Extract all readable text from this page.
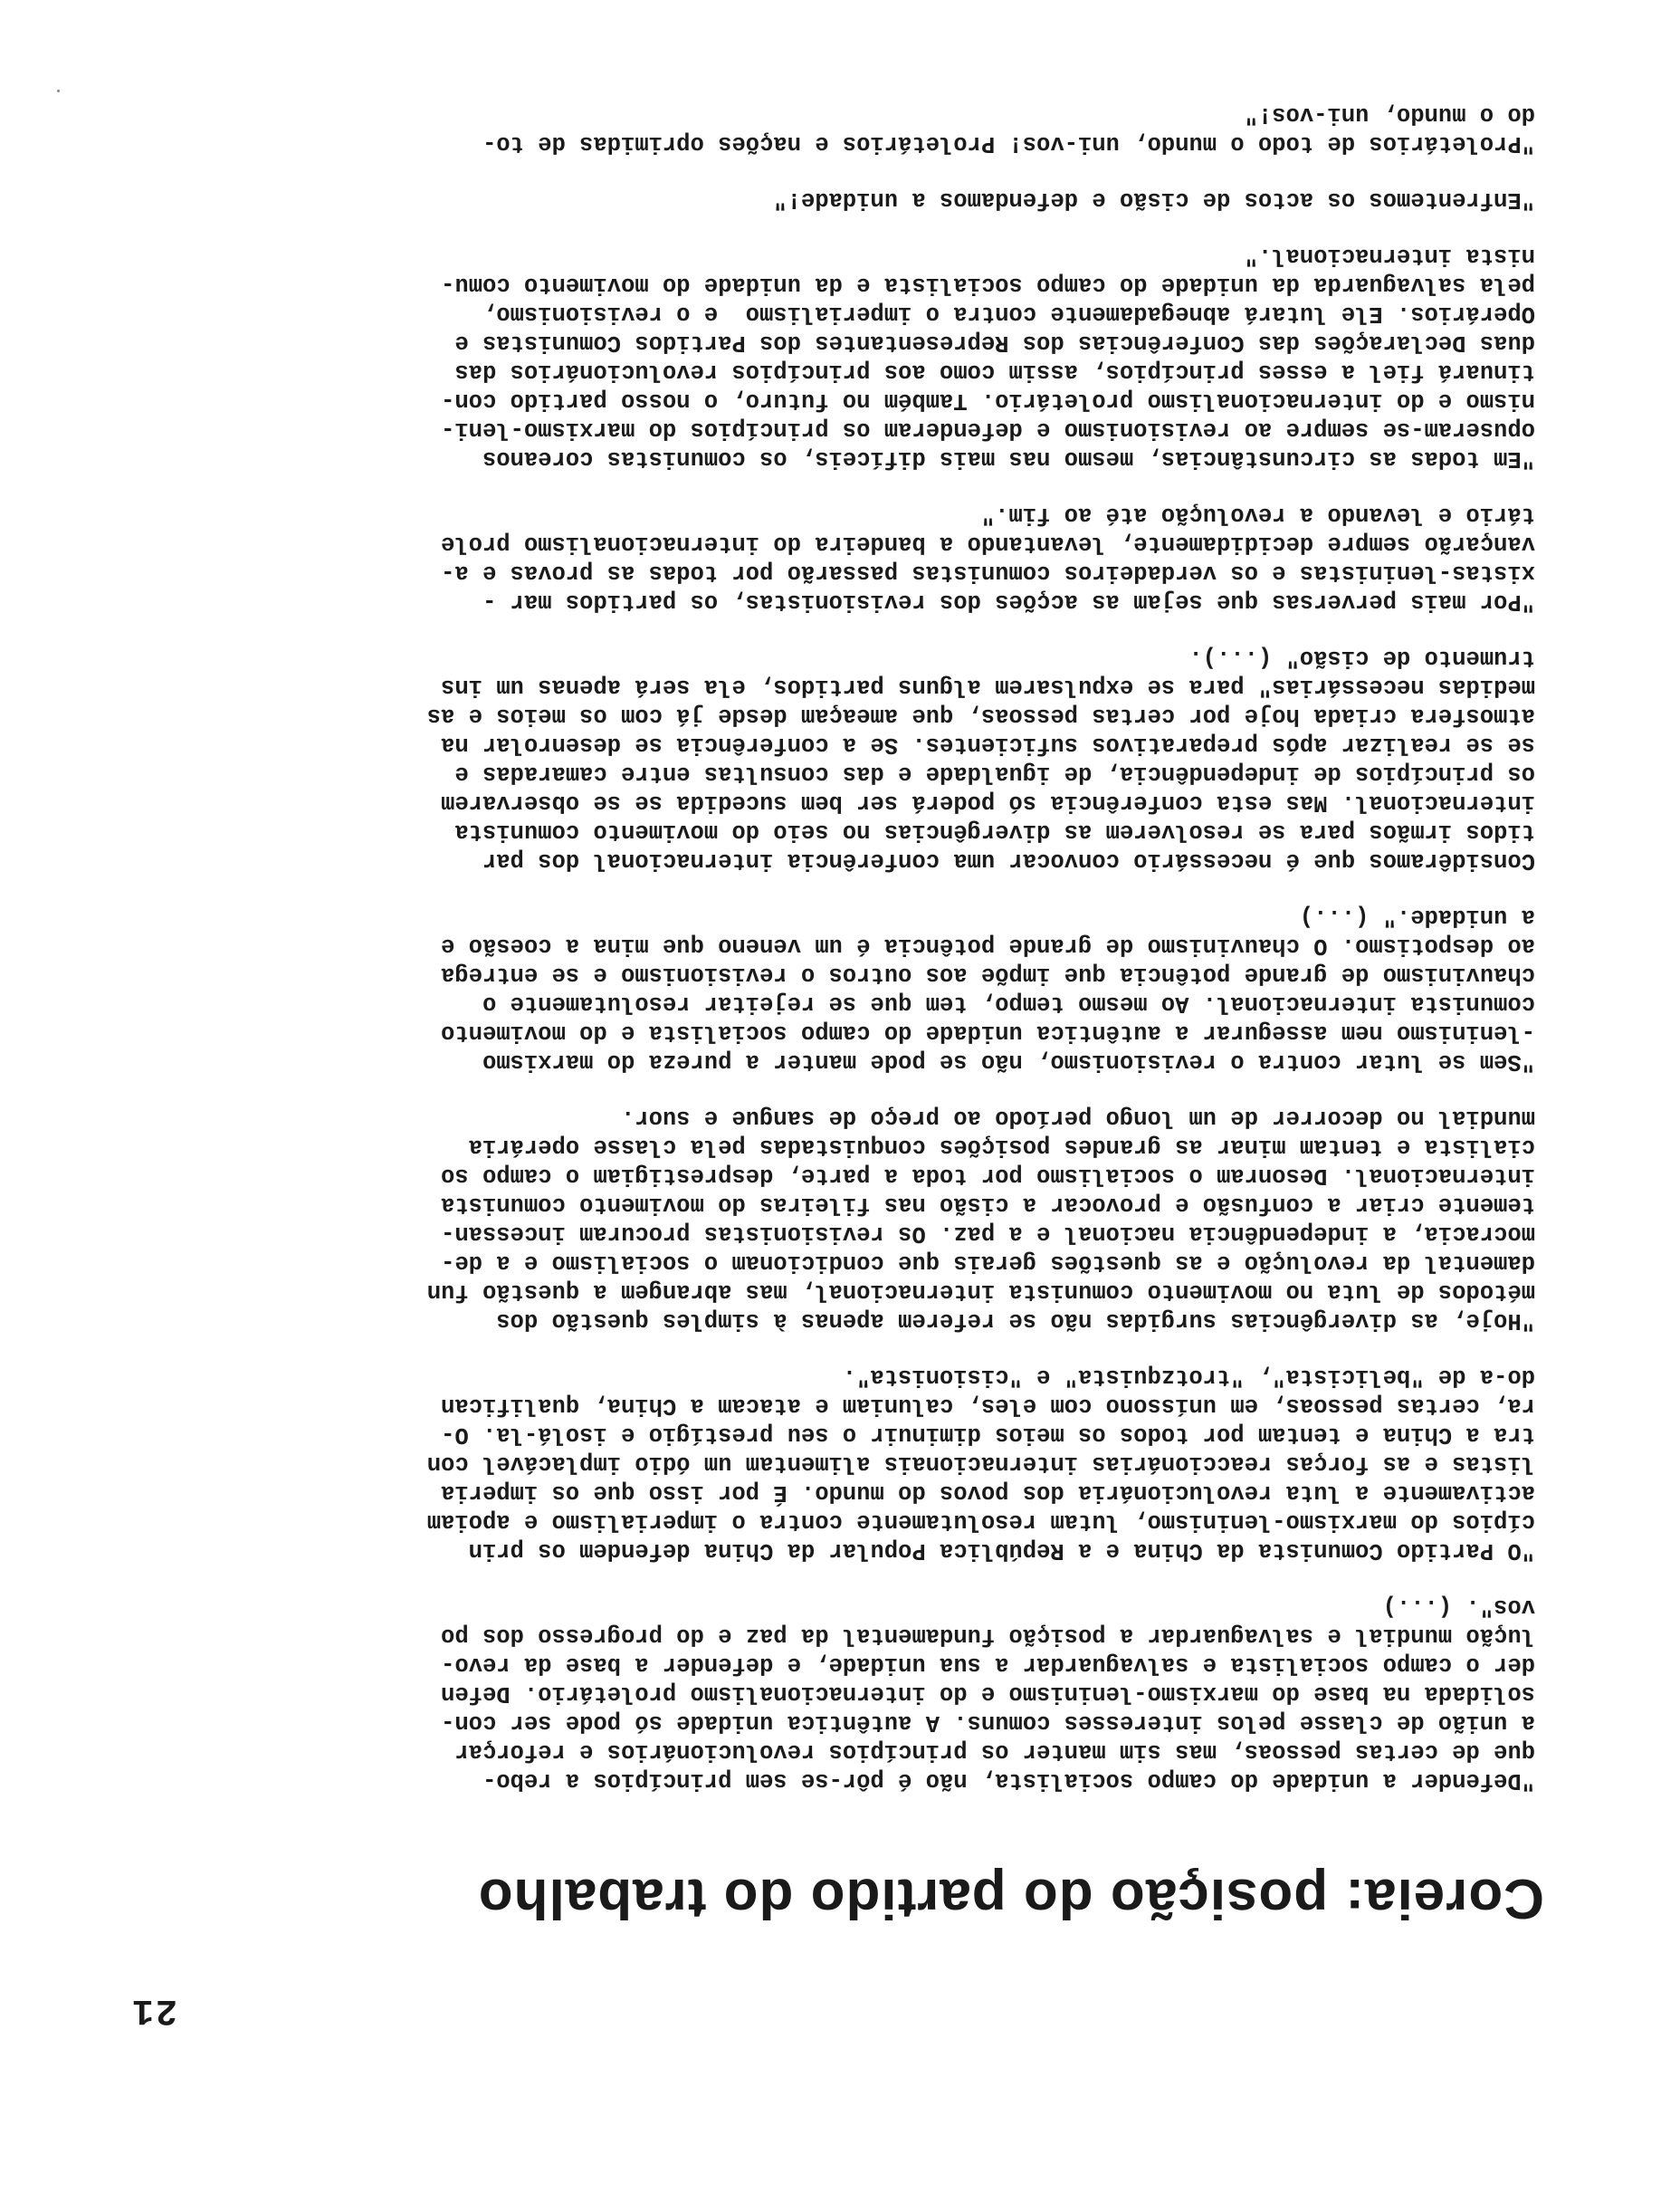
21
Coreia: posição do partido do trabalho
"Defender a unidade do campo socialista, não é pôr-se sem princípios a rebo-
que de certas pessoas, mas sim manter os princípios revolucionários e reforçar
a união de classe pelos interesses comuns. A autêntica unidade só pode ser con-
solidada na base do marxismo-leninismo e do internacionalismo proletário. Defen
der o campo socialista e salvaguardar a sua unidade, e defender a base da revo-
lução mundial e salvaguardar a posição fundamental da paz e do progresso dos po
vos". (...)
"O Partido Comunista da China e a República Popular da China defendem os prin
cípios do marxismo-leninismo, lutam resolutamente contra o imperialismo e apoiam
activamente a luta revolucionária dos povos do mundo. É por isso que os imperia
listas e as forças reaccionárias internacionais alimentam um ódio implacável con
tra a China e tentam por todos os meios diminuir o seu prestígio e isolá-la. O-
ra, certas pessoas, em uníssono com eles, caluniam e atacam a China, qualifican
do-a de "belicista", "trotzquista" e "cisionista".
"Hoje, as divergências surgidas não se referem apenas à simples questão dos
métodos de luta no movimento comunista internacional, mas abrangem a questão fun
damental da revolução e as questões gerais que condicionam o socialismo e a de-
mocracia, a independência nacional e a paz. Os revisionistas procuram incessan-
temente criar a confusão e provocar a cisão nas fileiras do movimento comunista
internacional. Desonram o socialismo por toda a parte, desprestigiam o campo so
cialista e tentam minar as grandes posições conquistadas pela classe operária
mundial no decorrer de um longo período ao preço de sangue e suor.
"Sem se lutar contra o revisionismo, não se pode manter a pureza do marxismo
-leninismo nem assegurar a autêntica unidade do campo socialista e do movimento
comunista internacional. Ao mesmo tempo, tem que se rejeitar resolutamente o
chauvinismo de grande potência que impõe aos outros o revisionismo e se entrega
ao despotismo. O chauvinismo de grande potência é um veneno que mina a coesão e
a unidade." (...)
Considêramos que é necessário convocar uma conferência internacional dos par
tidos irmãos para se resolverem as divergências no seio do movimento comunista
internacional. Mas esta conferência só poderá ser bem sucedida se se observarem
os princípios de independência, de igualdade e das consultas entre camaradas e
se se realizar após preparativos suficientes. Se a conferência se desenrolar na
atmosfera criada hoje por certas pessoas, que ameaçam desde já com os meios e as
medidas necessárias" para se expulsarem alguns partidos, ela será apenas um ins
trumento de cisão" (...).
"Por mais perversas que sejam as acções dos revisionistas, os partidos mar -
xistas-leninistas e os verdadeiros comunistas passarão por todas as provas e a-
vançarão sempre decididamente, levantando a bandeira do internacionalismo prole
tário e levando a revolução até ao fim."
"Em todas as circunstâncias, mesmo nas mais difíceis, os comunistas coreanos
opuseram-se sempre ao revisionismo e defenderam os princípios do marxismo-leni-
nismo e do internacionalismo proletário. Também no futuro, o nosso partido con-
tinuará fiel a esses princípios, assim como aos princípios revolucionários das
duas Declarações das Conferências dos Representantes dos Partidos Comunistas e
Operários. Ele lutará abnegadamente contra o imperialismo  e o revisionismo,
pela salvaguarda da unidade do campo socialista e da unidade do movimento comu-
nista internacional."
"Enfrentemos os actos de cisão e defendamos a unidade!"
"Proletários de todo o mundo, uni-vos! Proletários e nações oprimidas de to-
do o mundo, uni-vos!"
